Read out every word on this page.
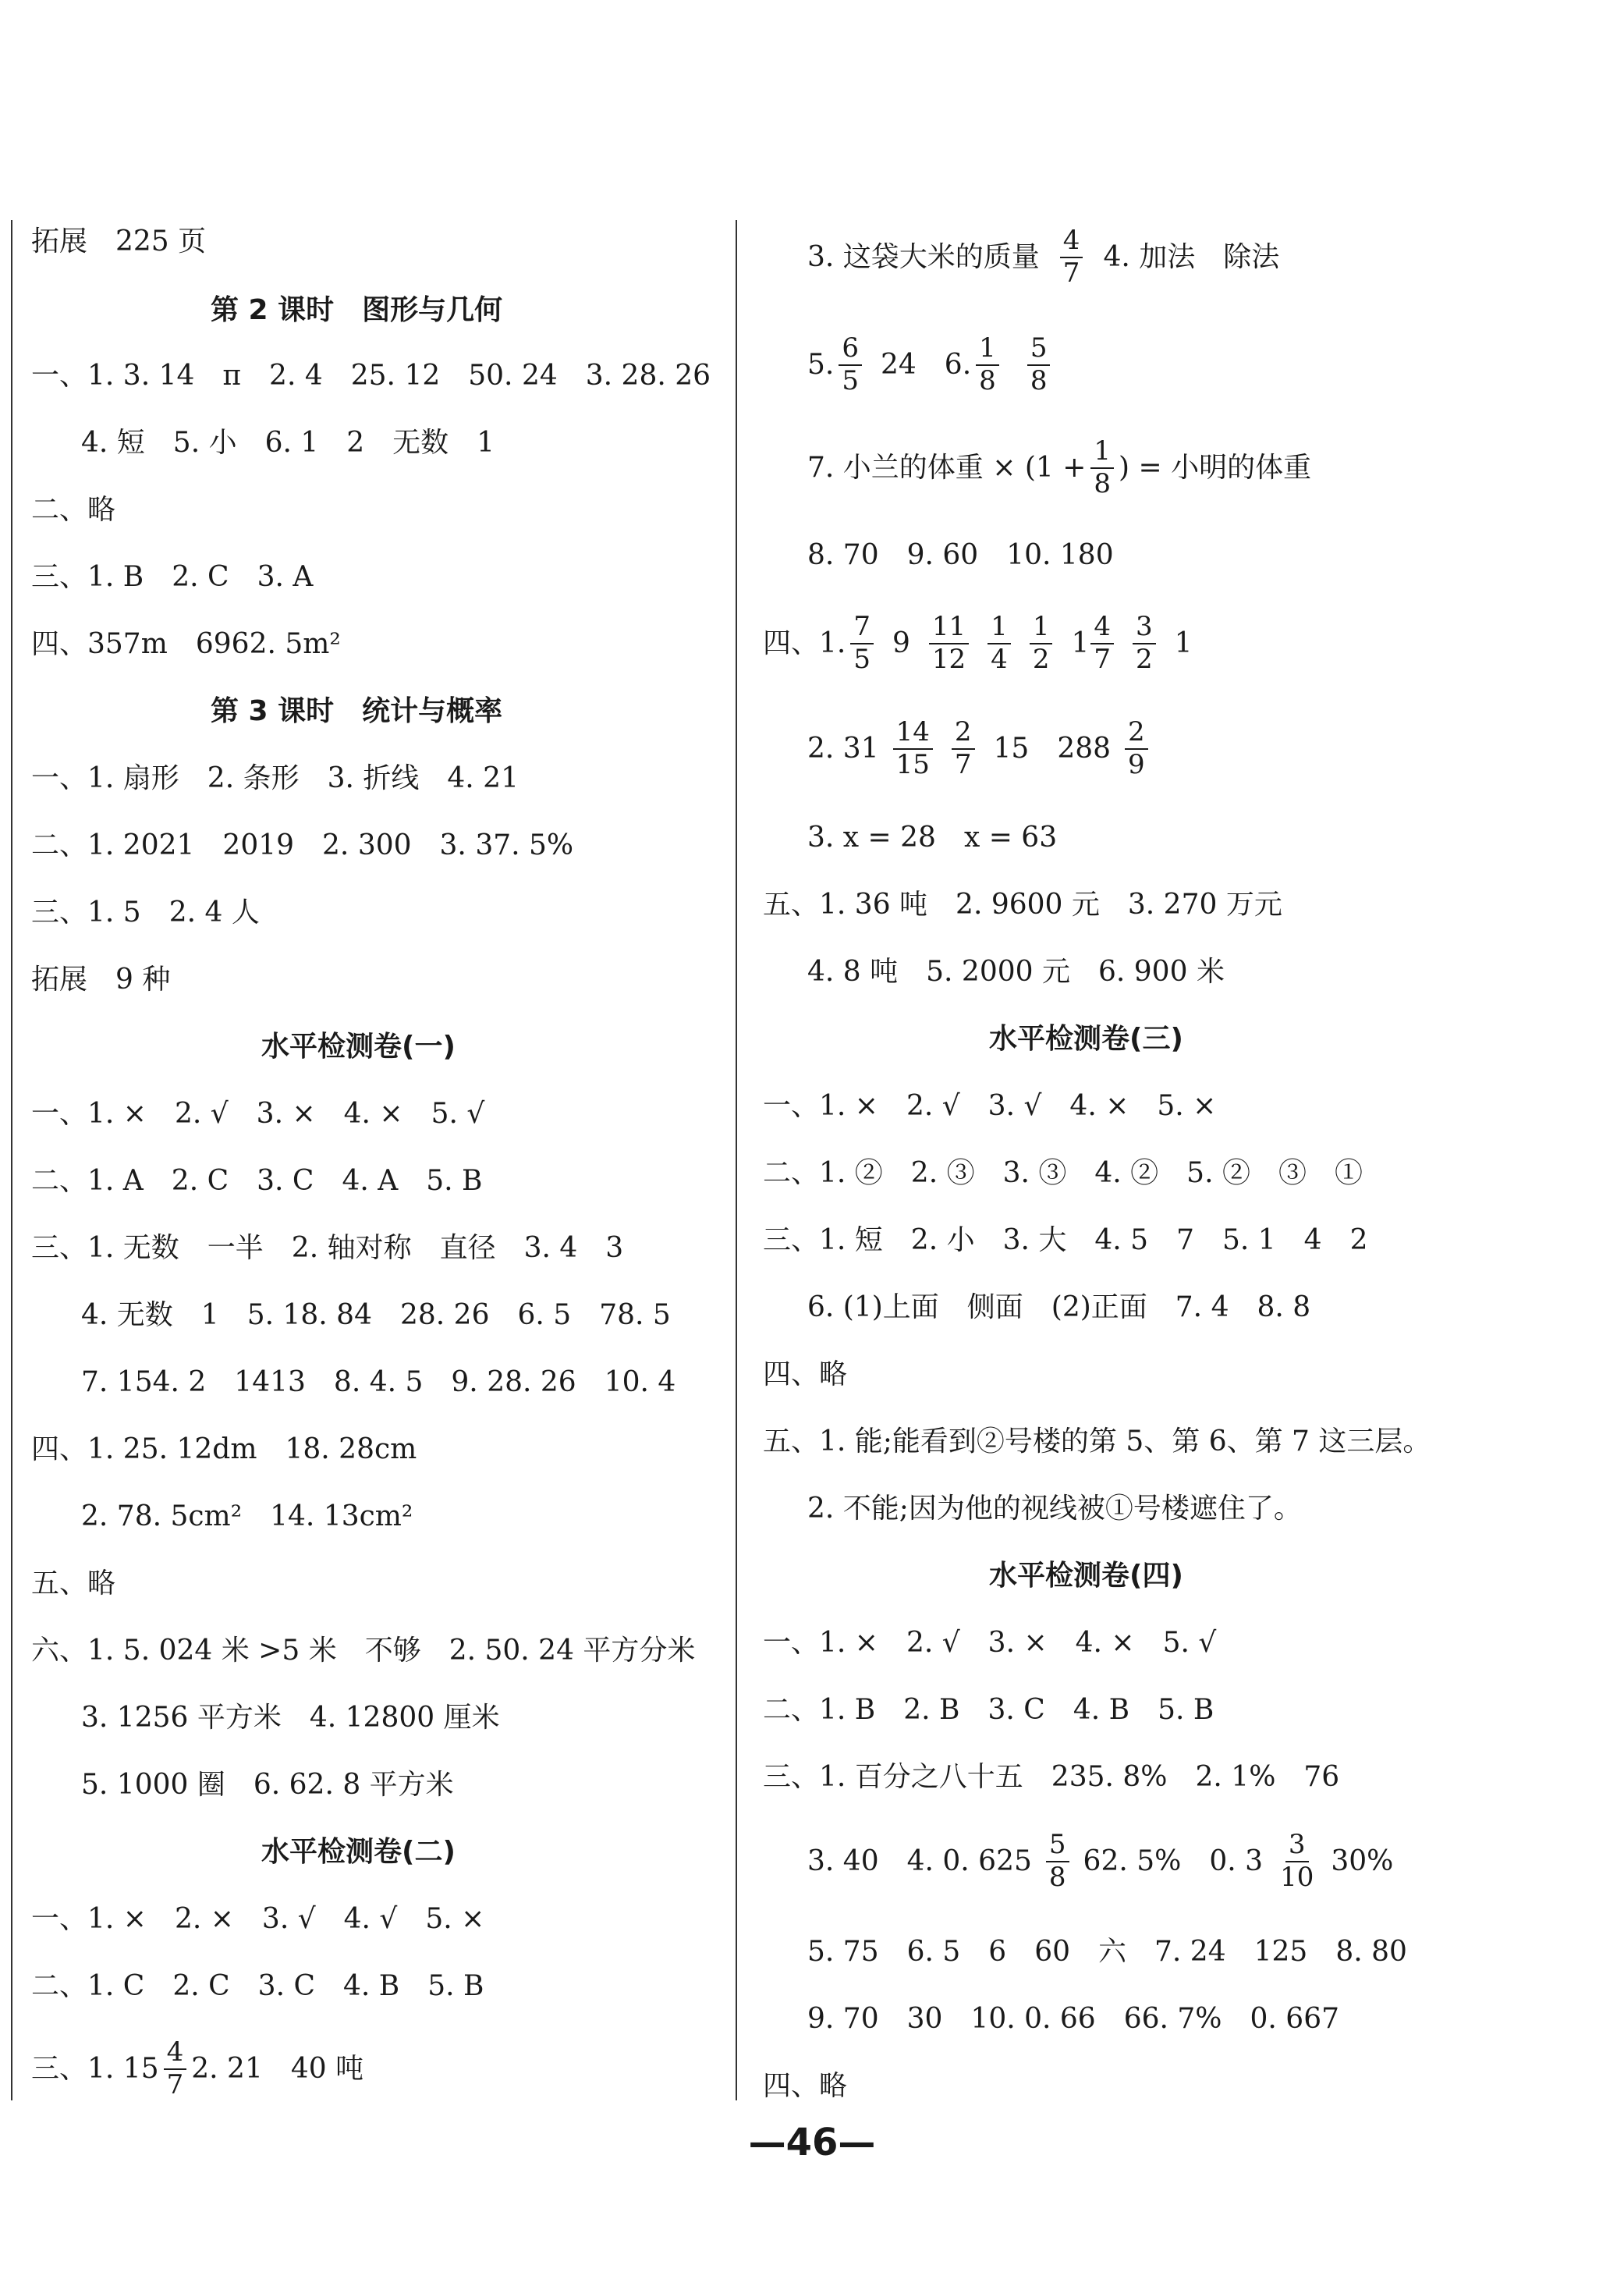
拓展　225 页
第 2 课时　图形与几何
一、1. 3. 14　π　2. 4　25. 12　50. 24　3. 28. 26
4. 短　5. 小　6. 1　2　无数　1
二、略
三、1. B　2. C　3. A
四、357m　6962. 5m²
第 3 课时　统计与概率
一、1. 扇形　2. 条形　3. 折线　4. 21
二、1. 2021　2019　2. 300　3. 37. 5%
三、1. 5　2. 4 人
拓展　9 种
水平检测卷(一)
一、1. ×　2. √　3. ×　4. ×　5. √
二、1. A　2. C　3. C　4. A　5. B
三、1. 无数　一半　2. 轴对称　直径　3. 4　3
4. 无数　1　5. 18. 84　28. 26　6. 5　78. 5
7. 154. 2　1413　8. 4. 5　9. 28. 26　10. 4
四、1. 25. 12dm　18. 28cm
2. 78. 5cm²　14. 13cm²
五、略
六、1. 5. 024 米 >5 米　不够　2. 50. 24 平方分米
3. 1256 平方米　4. 12800 厘米
5. 1000 圈　6. 62. 8 平方米
水平检测卷(二)
一、1. ×　2. ×　3. √　4. √　5. ×
二、1. C　2. C　3. C　4. B　5. B
三、1. $15 \frac{4}{7} 2$. 21　40 吨
3. 这袋大米的质量 $\frac{4}{7} 4$. 加法　除法
5. $\frac{6}{5} 24$　6. $\frac{1}{8} \frac{5}{8}$
7. 小兰的体重 × ($1 + \frac{1}{8}$ ) = 小明的体重
8. 70　9. 60　10. 180
四、1. $\frac{7}{5} 9 \frac{11}{12} \frac{1}{4} \frac{1}{2} 1 \frac{4}{7} \frac{3}{2} 1$
2. $31 \frac{14}{15} \frac{2}{7} 15$　$288 \frac{2}{9}$
3. x = 28　x = 63
五、1. 36 吨　2. 9600 元　3. 270 万元
4. 8 吨　5. 2000 元　6. 900 米
水平检测卷(三)
一、1. ×　2. √　3. √　4. ×　5. ×
二、1. ②　2. ③　3. ③　4. ②　5. ②　③　①
三、1. 短　2. 小　3. 大　4. 5　7　5. 1　4　2
6. (1)上面　侧面　(2)正面　7. 4　8. 8
四、略
五、1. 能;能看到②号楼的第 5、第 6、第 7 这三层。
2. 不能;因为他的视线被①号楼遮住了。
水平检测卷(四)
一、1. ×　2. √　3. ×　4. ×　5. √
二、1. B　2. B　3. C　4. B　5. B
三、1. 百分之八十五　235. 8%　2. 1%　76
3. 40　4. 0. $625 \frac{5}{8} 62$. 5%　0. $3 \frac{3}{10} 30\%$
5. 75　6. 5　6　60　六　7. 24　125　8. 80
9. 70　30　10. 0. 66　66. 7%　0. 667
四、略
—46—
